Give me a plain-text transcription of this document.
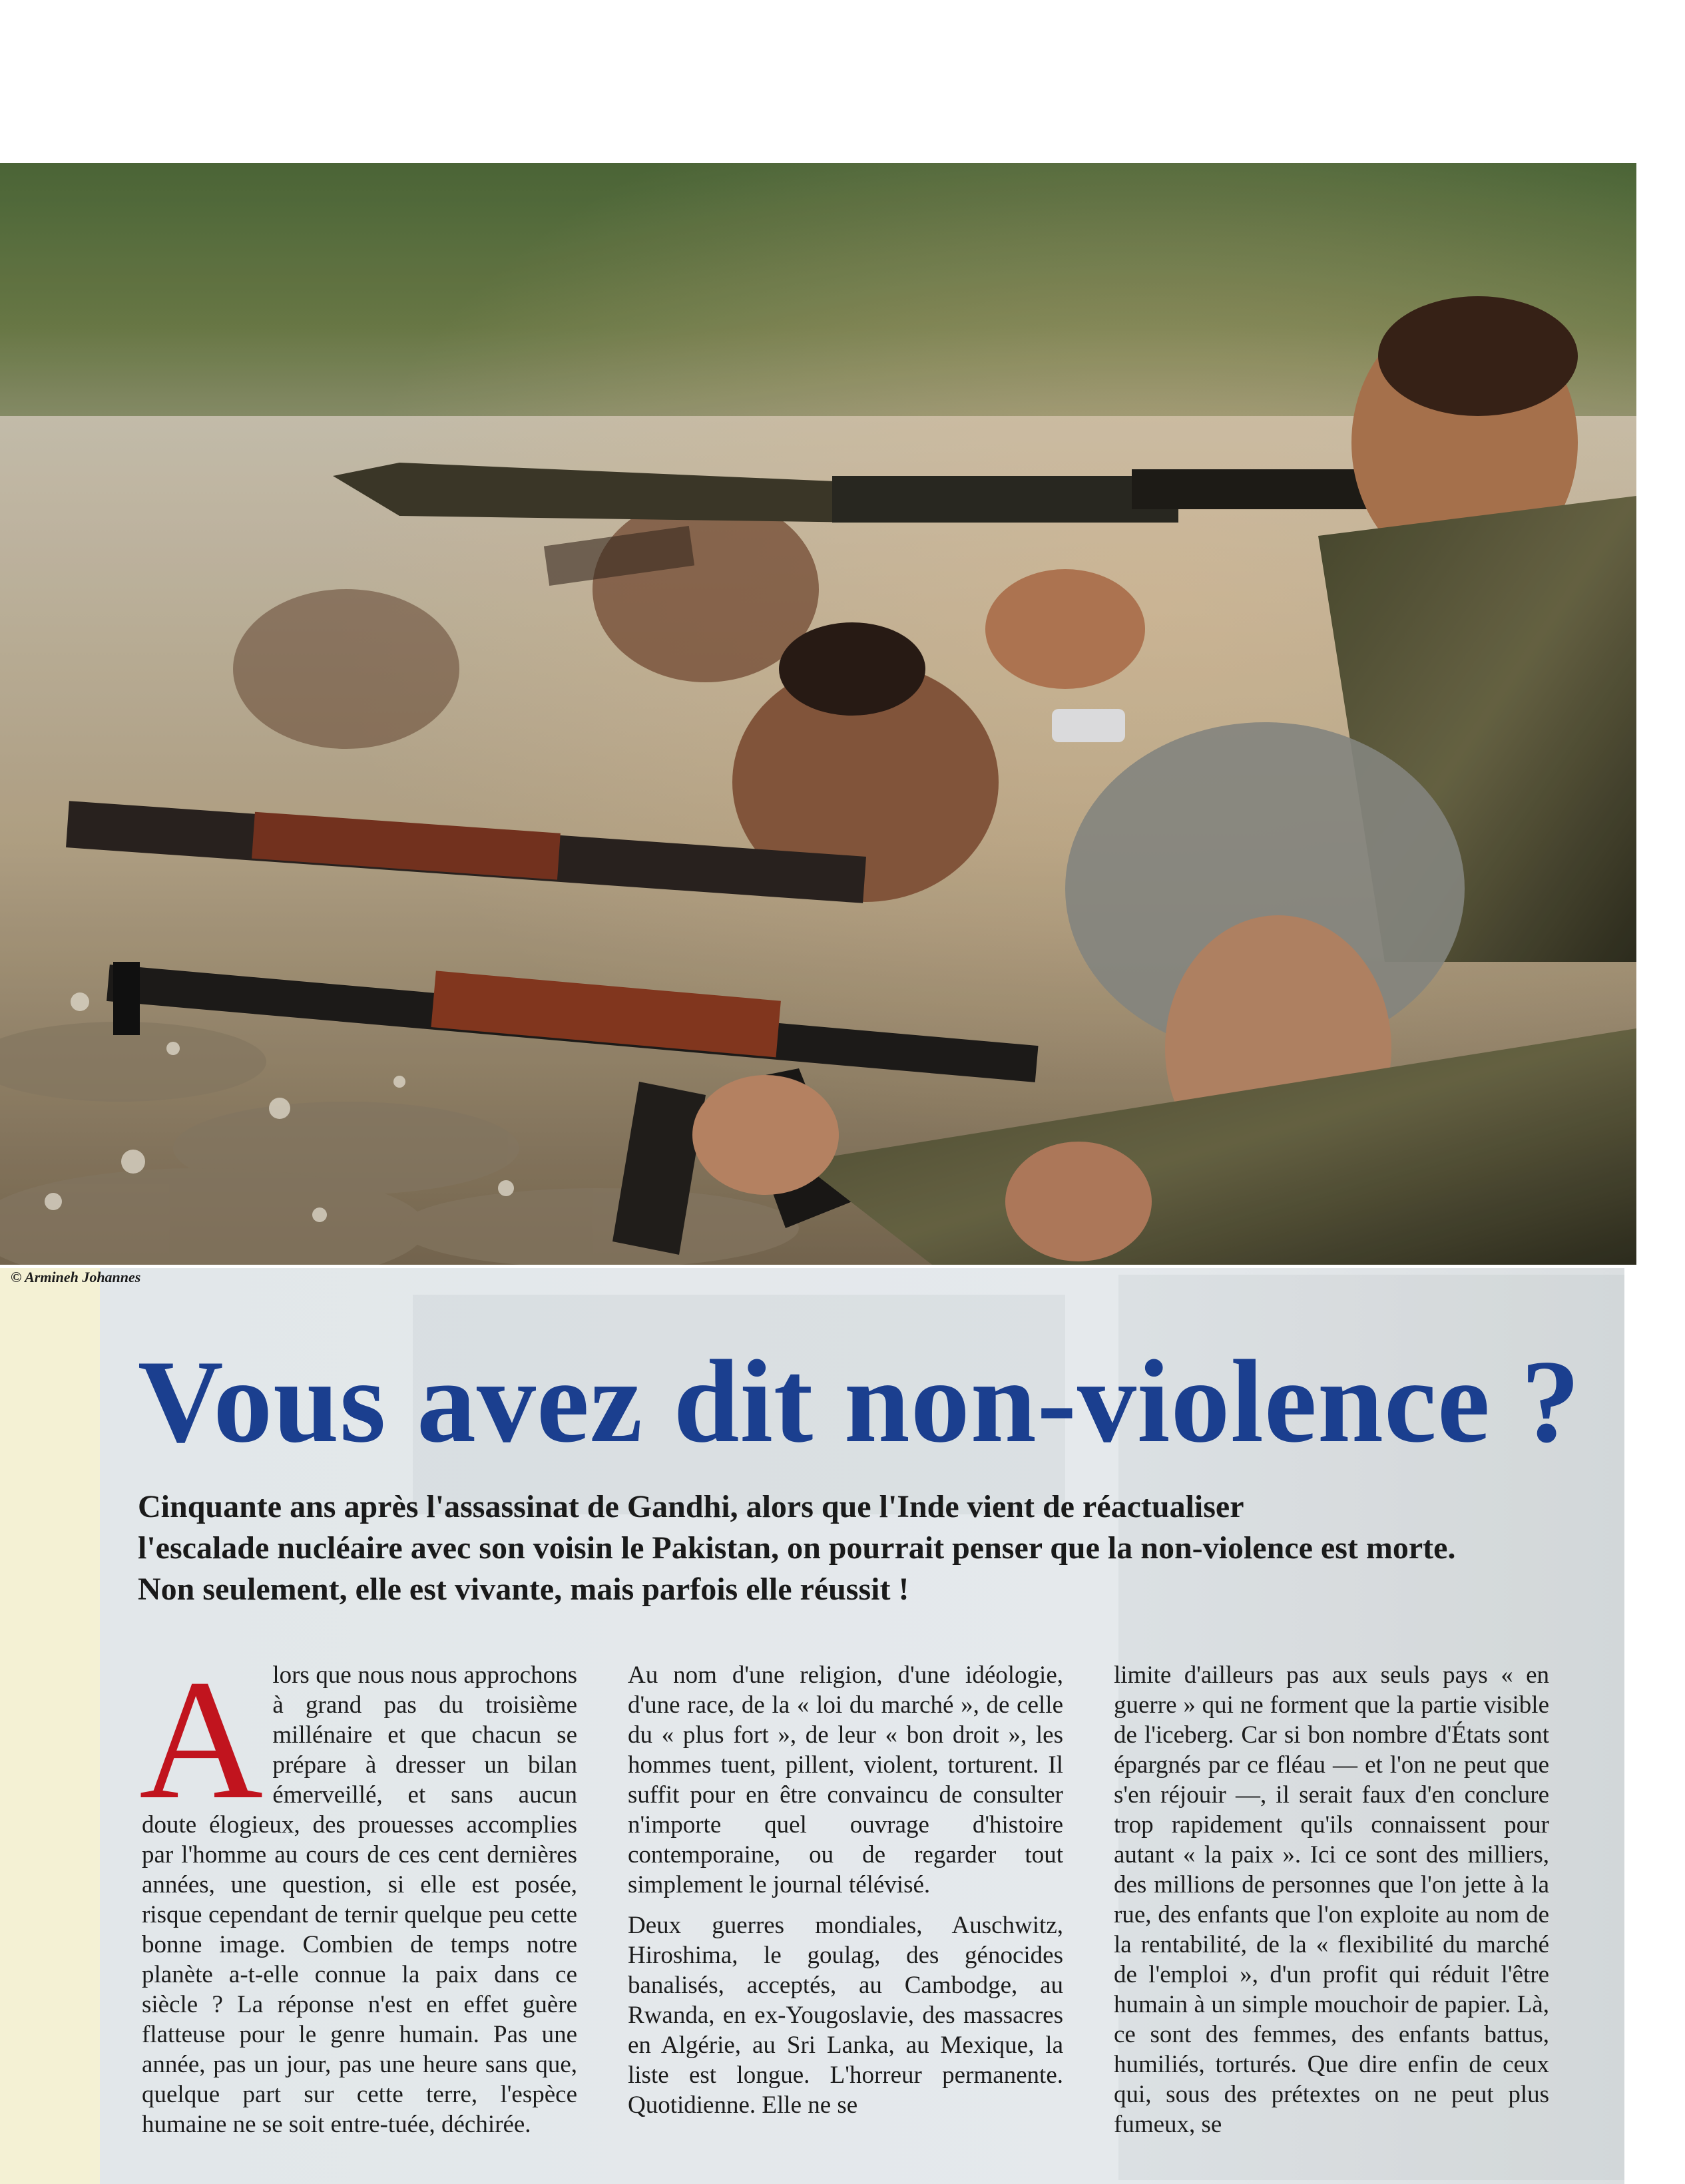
© Armineh Johannes
Vous avez dit non-violence ?
Cinquante ans après l'assassinat de Gandhi, alors que l'Inde vient de réactualiser
l'escalade nucléaire avec son voisin le Pakistan, on pourrait penser que la non-violence est morte.
Non seulement, elle est vivante, mais parfois elle réussit !

Alors que nous nous approchons à grand pas du troisième millénaire et que chacun se prépare à dresser un bilan émerveillé, et sans aucun doute élogieux, des prouesses accomplies par l'homme au cours de ces cent dernières années, une question, si elle est posée, risque cependant de ternir quelque peu cette bonne image. Combien de temps notre planète a-t-elle connue la paix dans ce siècle ? La réponse n'est en effet guère flatteuse pour le genre humain. Pas une année, pas un jour, pas une heure sans que, quelque part sur cette terre, l'espèce humaine ne se soit entre-tuée, déchirée.

Au nom d'une religion, d'une idéologie, d'une race, de la « loi du marché », de celle du « plus fort », de leur « bon droit », les hommes tuent, pillent, violent, torturent. Il suffit pour en être convaincu de consulter n'importe quel ouvrage d'histoire contemporaine, ou de regarder tout simplement le journal télévisé.

Deux guerres mondiales, Auschwitz, Hiroshima, le goulag, des génocides banalisés, acceptés, au Cambodge, au Rwanda, en ex-Yougoslavie, des massacres en Algérie, au Sri Lanka, au Mexique, la liste est longue. L'horreur permanente. Quotidienne. Elle ne se

limite d'ailleurs pas aux seuls pays « en guerre » qui ne forment que la partie visible de l'iceberg. Car si bon nombre d'États sont épargnés par ce fléau — et l'on ne peut que s'en réjouir —, il serait faux d'en conclure trop rapidement qu'ils connaissent pour autant « la paix ». Ici ce sont des milliers, des millions de personnes que l'on jette à la rue, des enfants que l'on exploite au nom de la rentabilité, de la « flexibilité du marché de l'emploi », d'un profit qui réduit l'être humain à un simple mouchoir de papier. Là, ce sont des femmes, des enfants battus, humiliés, torturés. Que dire enfin de ceux qui, sous des prétextes on ne peut plus fumeux, se
